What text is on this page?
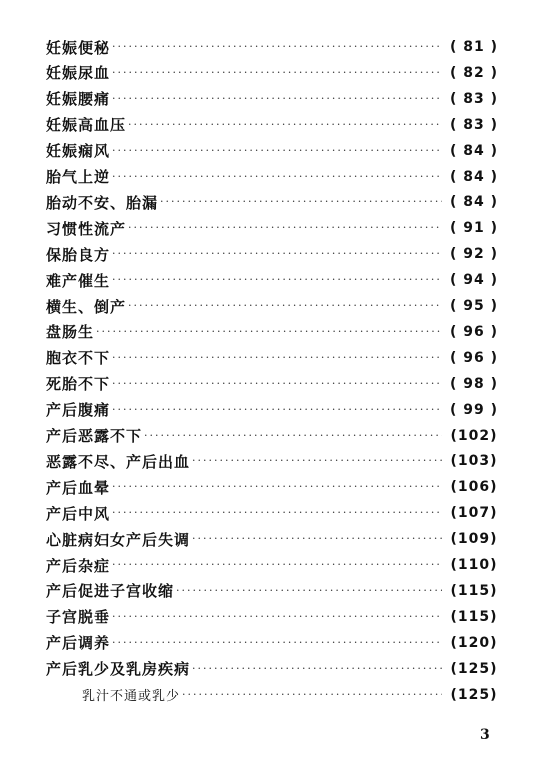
妊娠便秘 ·····	( 81 )
妊娠尿血 ·····	( 82 )
妊娠腰痛 ·····	( 83 )
妊娠高血压 ·····	( 83 )
妊娠痫风 ·····	( 84 )
胎气上逆 ·····	( 84 )
胎动不安、胎漏 ·····	( 84 )
习惯性流产 ·····	( 91 )
保胎良方 ·····	( 92 )
难产催生 ·····	( 94 )
横生、倒产 ·····	( 95 )
盘肠生 ·····	( 96 )
胞衣不下 ·····	( 96 )
死胎不下 ·····	( 98 )
产后腹痛 ·····	( 99 )
产后恶露不下 ·····	(102)
恶露不尽、产后出血 ·····	(103)
产后血晕 ·····	(106)
产后中风 ·····	(107)
心脏病妇女产后失调 ·····	(109)
产后杂症 ·····	(110)
产后促进子宫收缩 ·····	(115)
子宫脱垂 ·····	(115)
产后调养 ·····	(120)
产后乳少及乳房疾病 ·····	(125)
乳汁不通或乳少 ·····	(125)
3
